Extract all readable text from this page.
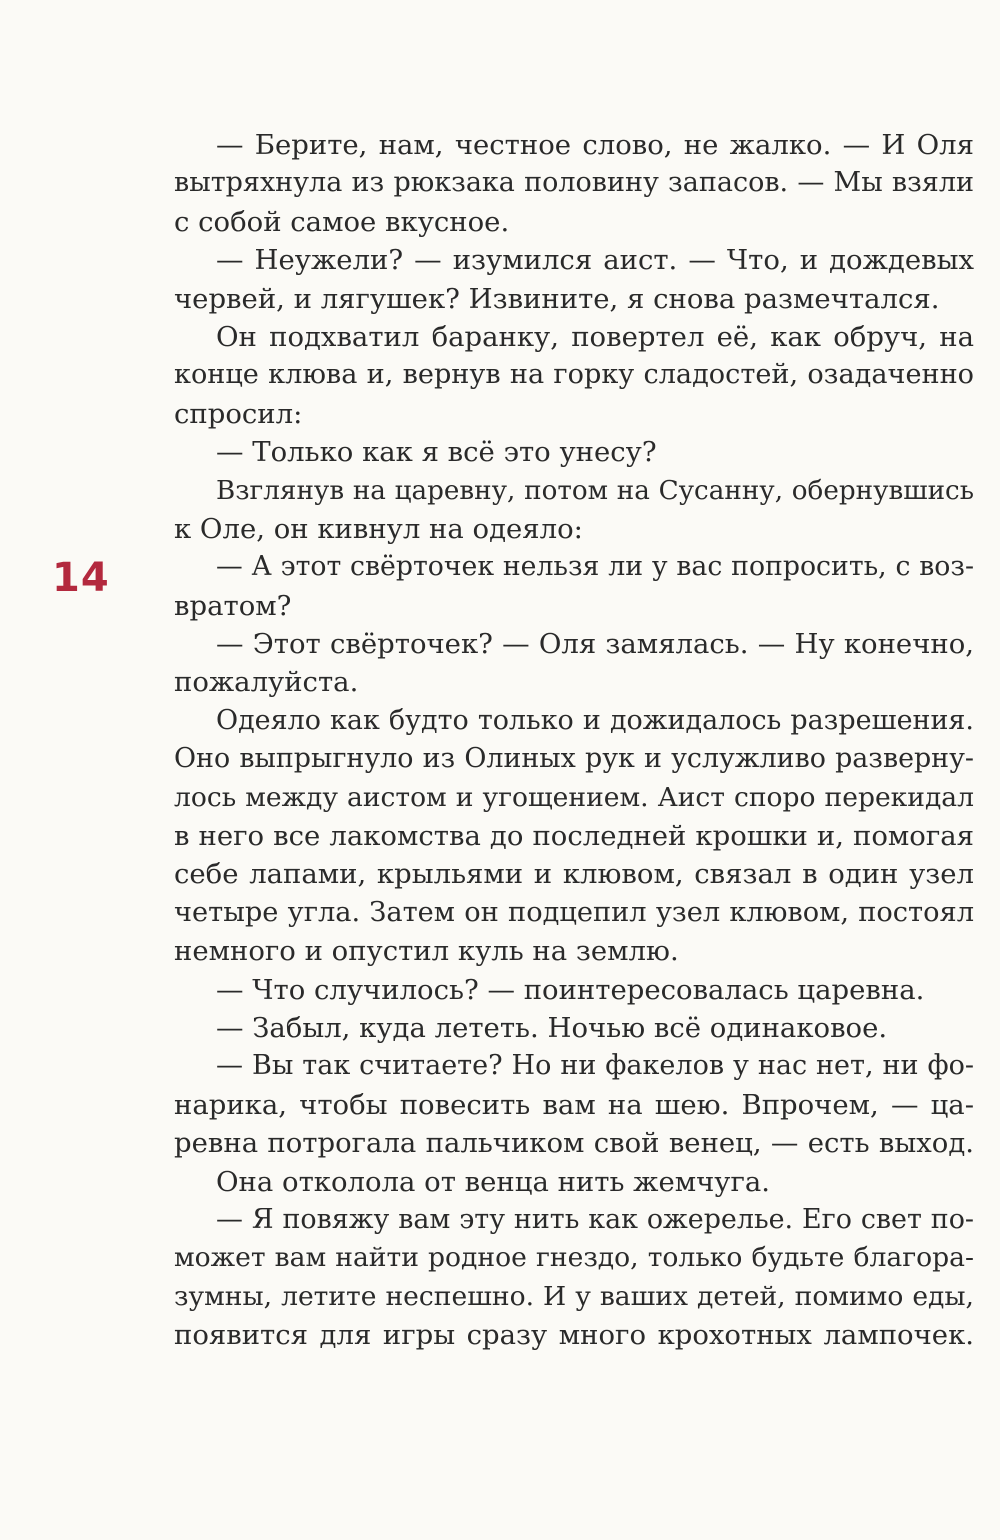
14
— Берите, нам, честное слово, не жалко. — И Оля
вытряхнула из рюкзака половину запасов. — Мы взяли
с собой самое вкусное.
— Неужели? — изумился аист. — Что, и дождевых
червей, и лягушек? Извините, я снова размечтался.
Он подхватил баранку, повертел её, как обруч, на
конце клюва и, вернув на горку сладостей, озадаченно
спросил:
— Только как я всё это унесу?
Взглянув на царевну, потом на Сусанну, обернувшись
к Оле, он кивнул на одеяло:
— А этот свёрточек нельзя ли у вас попросить, с воз-
вратом?
— Этот свёрточек? — Оля замялась. — Ну конечно,
пожалуйста.
Одеяло как будто только и дожидалось разрешения.
Оно выпрыгнуло из Олиных рук и услужливо разверну-
лось между аистом и угощением. Аист споро перекидал
в него все лакомства до последней крошки и, помогая
себе лапами, крыльями и клювом, связал в один узел
четыре угла. Затем он подцепил узел клювом, постоял
немного и опустил куль на землю.
— Что случилось? — поинтересовалась царевна.
— Забыл, куда лететь. Ночью всё одинаковое.
— Вы так считаете? Но ни факелов у нас нет, ни фо-
нарика, чтобы повесить вам на шею. Впрочем, — ца-
ревна потрогала пальчиком свой венец, — есть выход.
Она отколола от венца нить жемчуга.
— Я повяжу вам эту нить как ожерелье. Его свет по-
может вам найти родное гнездо, только будьте благора-
зумны, летите неспешно. И у ваших детей, помимо еды,
появится для игры сразу много крохотных лампочек.
